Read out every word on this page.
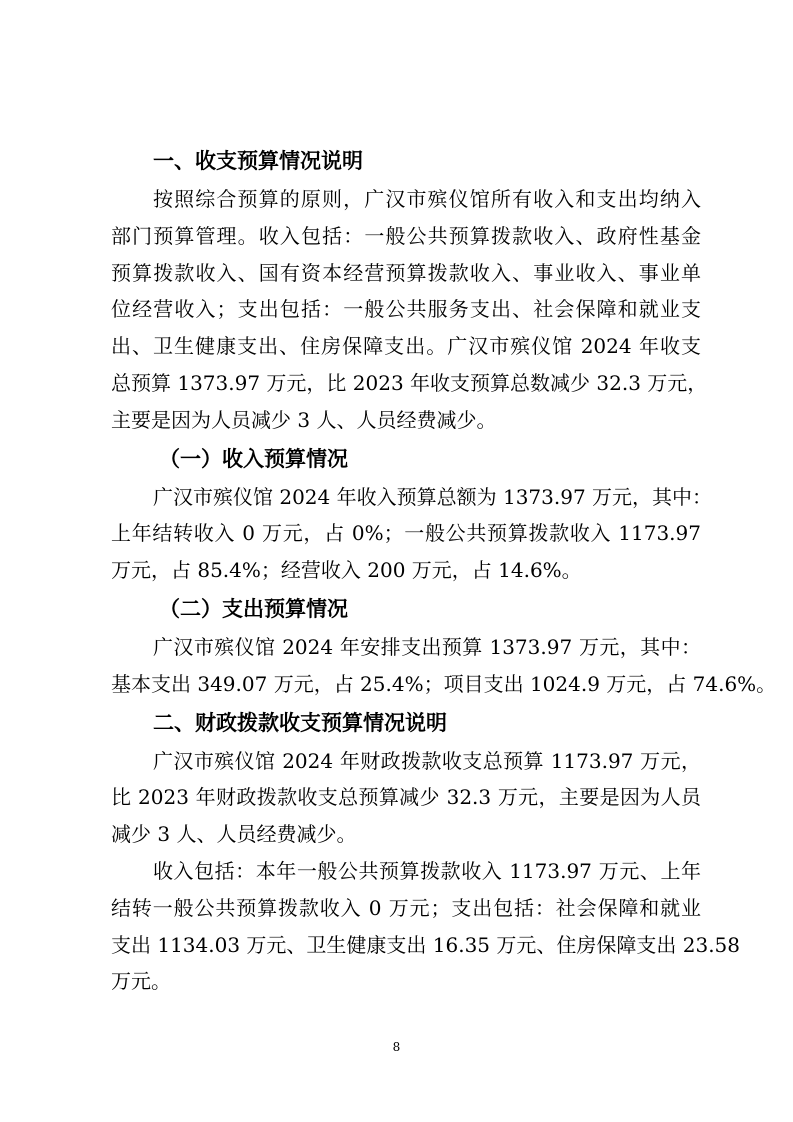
一、收支预算情况说明
按照综合预算的原则，广汉市殡仪馆所有收入和支出均纳入
部门预算管理。收入包括：一般公共预算拨款收入、政府性基金
预算拨款收入、国有资本经营预算拨款收入、事业收入、事业单
位经营收入；支出包括：一般公共服务支出、社会保障和就业支
出、卫生健康支出、住房保障支出。广汉市殡仪馆 2024 年收支
总预算 1373.97 万元，比 2023 年收支预算总数减少 32.3 万元，
主要是因为人员减少 3 人、人员经费减少。
（一）收入预算情况
广汉市殡仪馆 2024 年收入预算总额为 1373.97 万元，其中：
上年结转收入 0 万元，占 0%；一般公共预算拨款收入 1173.97
万元，占 85.4%；经营收入 200 万元，占 14.6%。
（二）支出预算情况
广汉市殡仪馆 2024 年安排支出预算 1373.97 万元，其中：
基本支出 349.07 万元，占 25.4%；项目支出 1024.9 万元，占 74.6%。
二、财政拨款收支预算情况说明
广汉市殡仪馆 2024 年财政拨款收支总预算 1173.97 万元，
比 2023 年财政拨款收支总预算减少 32.3 万元，主要是因为人员
减少 3 人、人员经费减少。
收入包括：本年一般公共预算拨款收入 1173.97 万元、上年
结转一般公共预算拨款收入 0 万元；支出包括：社会保障和就业
支出 1134.03 万元、卫生健康支出 16.35 万元、住房保障支出 23.58
万元。
8
